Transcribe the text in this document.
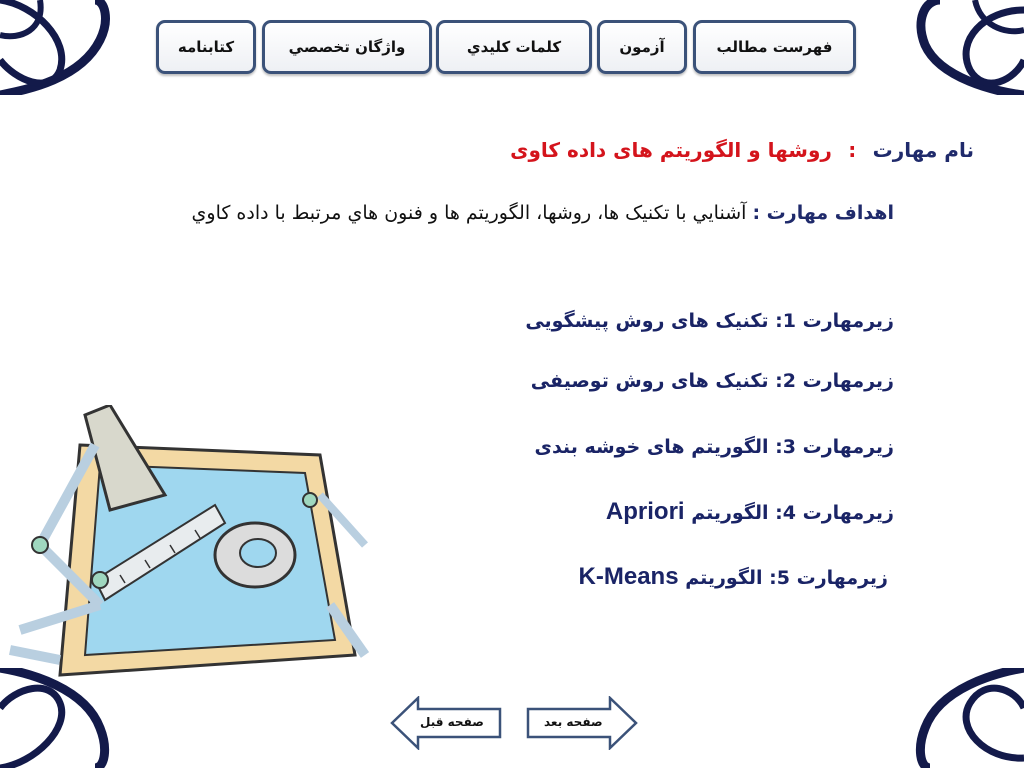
كتابنامه	واژگان تخصصي	كلمات كليدي	آزمون	فهرست مطالب
نام مهارت : روشها و الگوریتم های داده کاوی
اهداف مهارت : آشنايي با تكنيک ها، روشها، الگوريتم ها و فنون هاي مرتبط با داده كاوي
زیرمهارت 1: تکنیک های روش پیشگویی
زیرمهارت 2: تکنیک های روش توصیفی
زیرمهارت 3: الگوریتم های خوشه بندی
زیرمهارت 4: الگوریتم Apriori
زیرمهارت 5: الگوریتم K-Means
صفحه قبل	صفحه بعد
